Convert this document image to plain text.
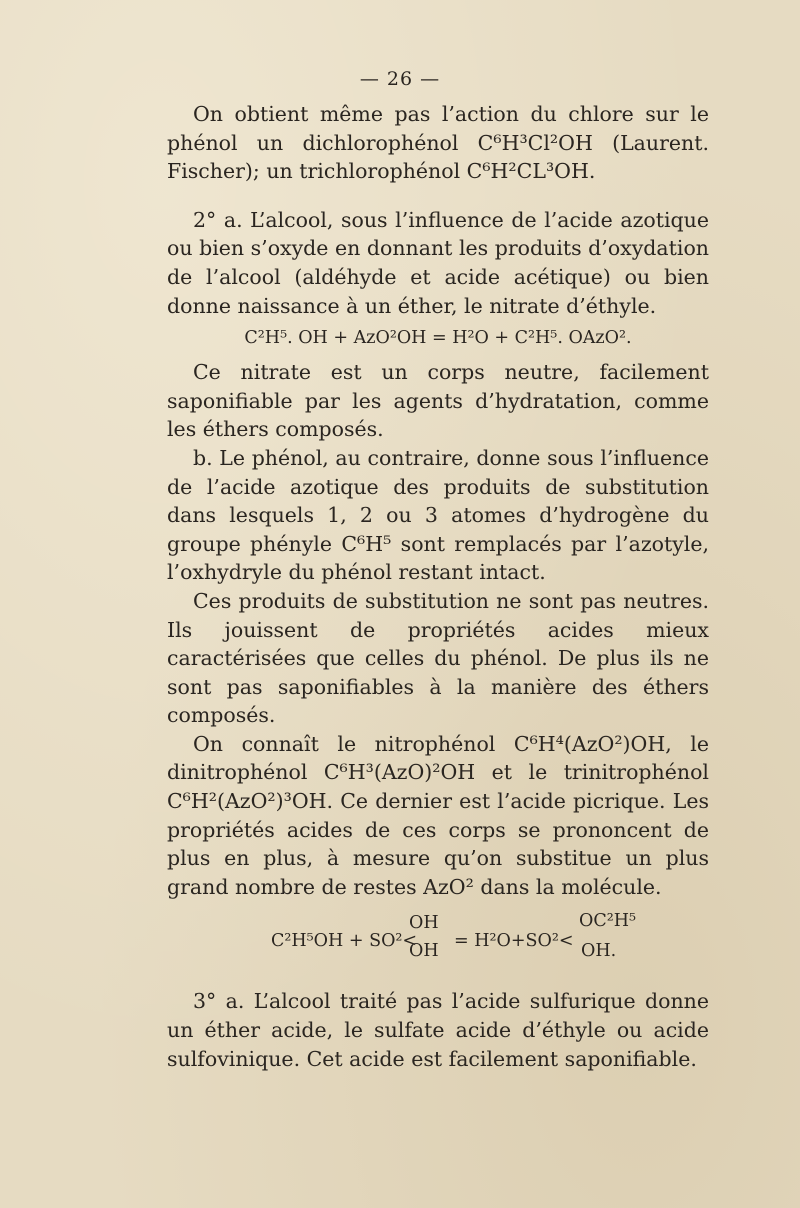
— 26 —

On obtient même pas l’action du chlore sur le phénol un dichlorophénol C⁶H³Cl²OH (Laurent. Fischer); un trichlorophénol C⁶H²CL³OH.

2° a. L’alcool, sous l’influence de l’acide azotique ou bien s’oxyde en donnant les produits d’oxydation de l’alcool (aldéhyde et acide acétique) ou bien donne naissance à un éther, le nitrate d’éthyle.

C²H⁵. OH + AzO²OH = H²O + C²H⁵. OAzO².

Ce nitrate est un corps neutre, facilement saponifiable par les agents d’hydratation, comme les éthers composés.

b. Le phénol, au contraire, donne sous l’influence de l’acide azotique des produits de substitution dans lesquels 1, 2 ou 3 atomes d’hydrogène du groupe phényle C⁶H⁵ sont remplacés par l’azotyle, l’oxhydryle du phénol restant intact.

Ces produits de substitution ne sont pas neutres. Ils jouissent de propriétés acides mieux caractérisées que celles du phénol. De plus ils ne sont pas saponifiables à la manière des éthers composés.

On connaît le nitrophénol C⁶H⁴(AzO²)OH, le dinitrophénol C⁶H³(AzO)²OH et le trinitrophénol C⁶H²(AzO²)³OH. Ce dernier est l’acide picrique. Les propriétés acides de ces corps se prononcent de plus en plus, à mesure qu’on substitue un plus grand nombre de restes AzO² dans la molécule.

C²H⁵OH + SO²<
OH
OH = H²O+SO²<
OC²H⁵
OH.

3° a. L’alcool traité pas l’acide sulfurique donne un éther acide, le sulfate acide d’éthyle ou acide sulfovinique. Cet acide est facilement saponifiable.
